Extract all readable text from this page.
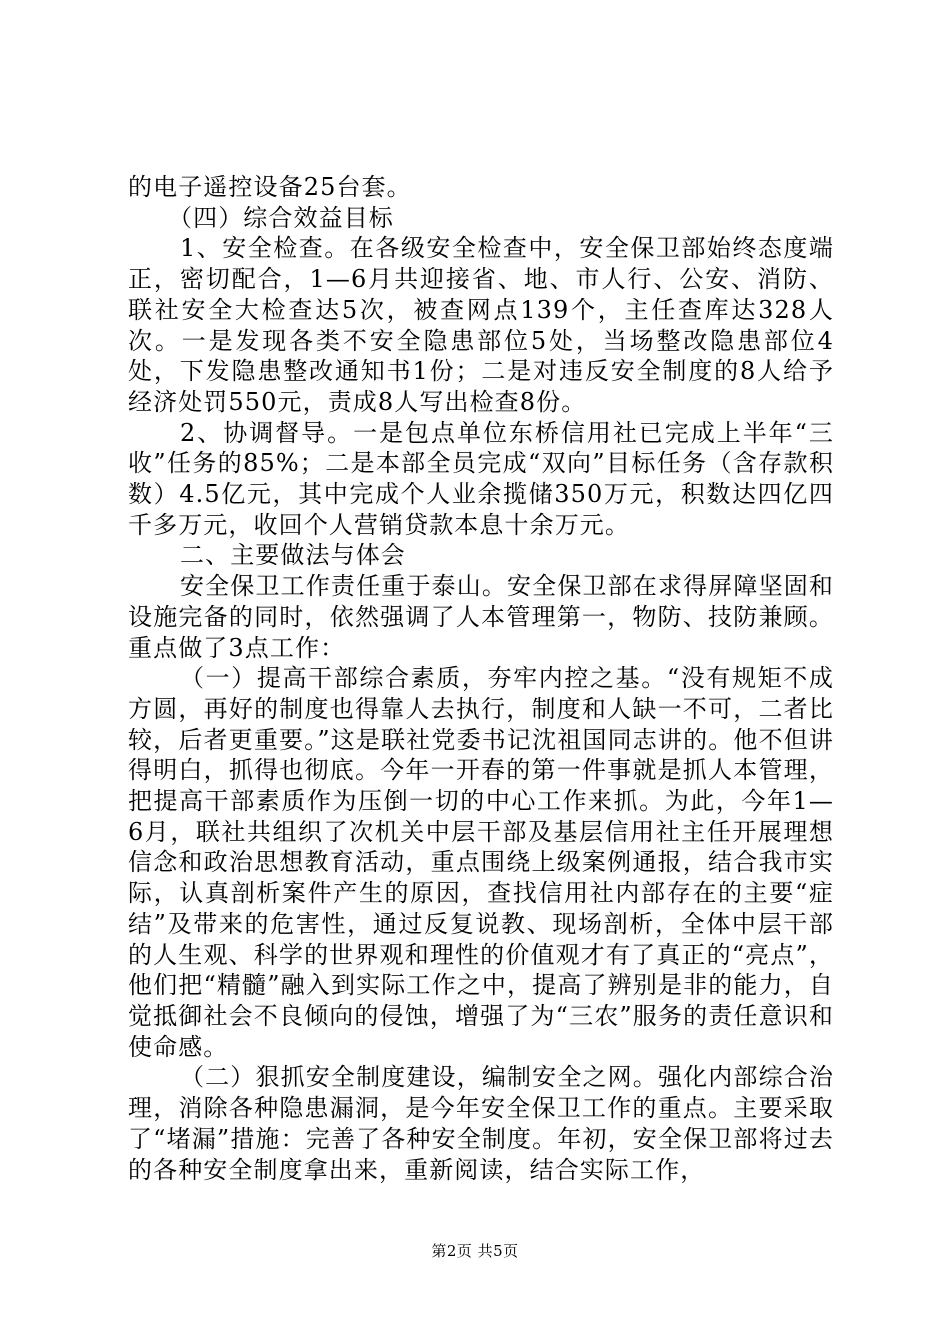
的电子遥控设备25台套。

（四）综合效益目标

1、安全检查。在各级安全检查中，安全保卫部始终态度端正，密切配合，1—6月共迎接省、地、市人行、公安、消防、联社安全大检查达5次，被查网点139个，主任查库达328人次。一是发现各类不安全隐患部位5处，当场整改隐患部位4处，下发隐患整改通知书1份；二是对违反安全制度的8人给予经济处罚550元，责成8人写出检查8份。

2、协调督导。一是包点单位东桥信用社已完成上半年“三收”任务的85%；二是本部全员完成“双向”目标任务（含存款积数）4.5亿元，其中完成个人业余揽储350万元，积数达四亿四千多万元，收回个人营销贷款本息十余万元。

二、主要做法与体会

安全保卫工作责任重于泰山。安全保卫部在求得屏障坚固和设施完备的同时，依然强调了人本管理第一，物防、技防兼顾。重点做了3点工作：

（一）提高干部综合素质，夯牢内控之基。“没有规矩不成方圆，再好的制度也得靠人去执行，制度和人缺一不可，二者比较，后者更重要。”这是联社党委书记沈祖国同志讲的。他不但讲得明白，抓得也彻底。今年一开春的第一件事就是抓人本管理，把提高干部素质作为压倒一切的中心工作来抓。为此，今年1—6月，联社共组织了次机关中层干部及基层信用社主任开展理想信念和政治思想教育活动，重点围绕上级案例通报，结合我市实际，认真剖析案件产生的原因，查找信用社内部存在的主要“症结”及带来的危害性，通过反复说教、现场剖析，全体中层干部的人生观、科学的世界观和理性的价值观才有了真正的“亮点”，他们把“精髓”融入到实际工作之中，提高了辨别是非的能力，自觉抵御社会不良倾向的侵蚀，增强了为“三农”服务的责任意识和使命感。

（二）狠抓安全制度建设，编制安全之网。强化内部综合治理，消除各种隐患漏洞，是今年安全保卫工作的重点。主要采取了“堵漏”措施：完善了各种安全制度。年初，安全保卫部将过去的各种安全制度拿出来，重新阅读，结合实际工作，

第2页 共5页
